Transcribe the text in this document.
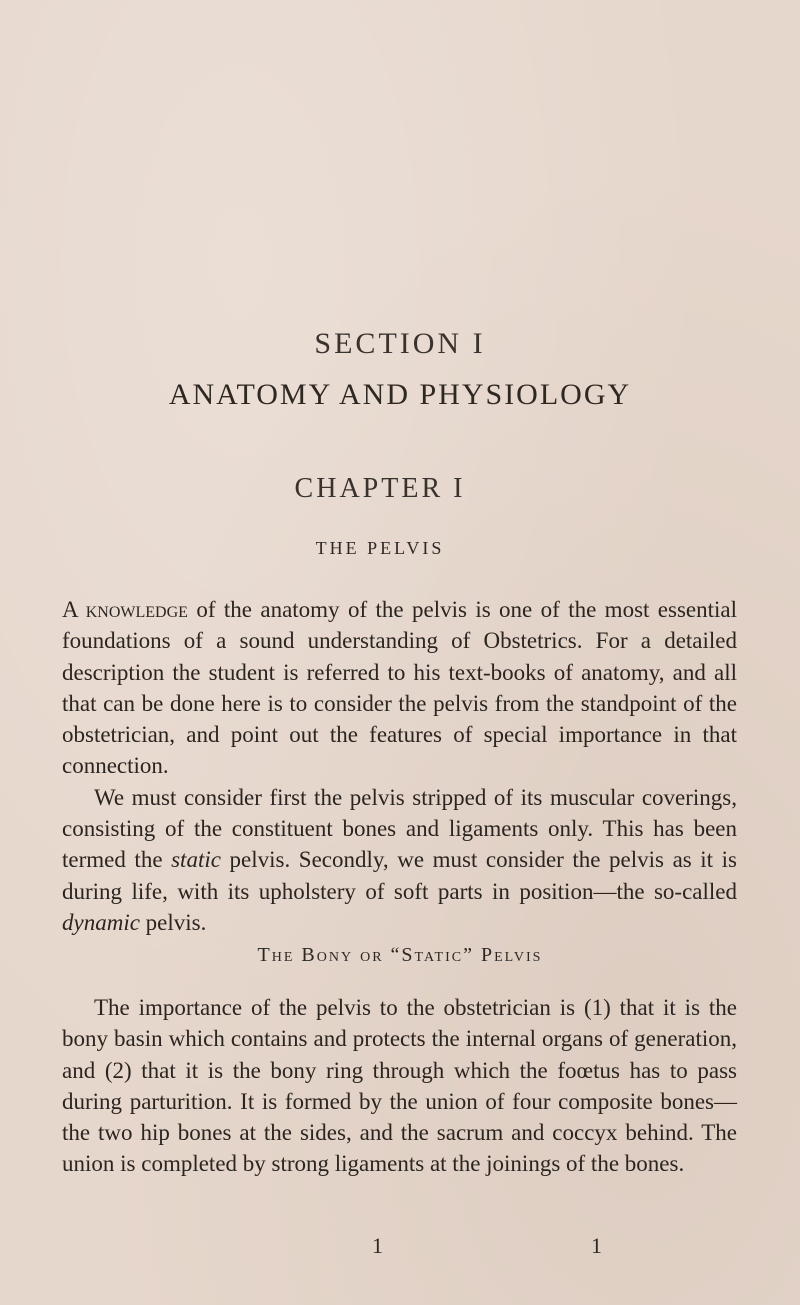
SECTION I
ANATOMY AND PHYSIOLOGY
CHAPTER I
THE PELVIS

A knowledge of the anatomy of the pelvis is one of the most essential foundations of a sound understanding of Obstetrics. For a detailed description the student is referred to his text-books of anatomy, and all that can be done here is to consider the pelvis from the standpoint of the obstetrician, and point out the features of special importance in that connection.

We must consider first the pelvis stripped of its muscular coverings, consisting of the constituent bones and ligaments only. This has been termed the static pelvis. Secondly, we must consider the pelvis as it is during life, with its upholstery of soft parts in position—the so-called dynamic pelvis.

The Bony or “Static” Pelvis

The importance of the pelvis to the obstetrician is (1) that it is the bony basin which contains and protects the internal organs of generation, and (2) that it is the bony ring through which the foœtus has to pass during parturition. It is formed by the union of four composite bones—the two hip bones at the sides, and the sacrum and coccyx behind. The union is completed by strong ligaments at the joinings of the bones.

1	1
